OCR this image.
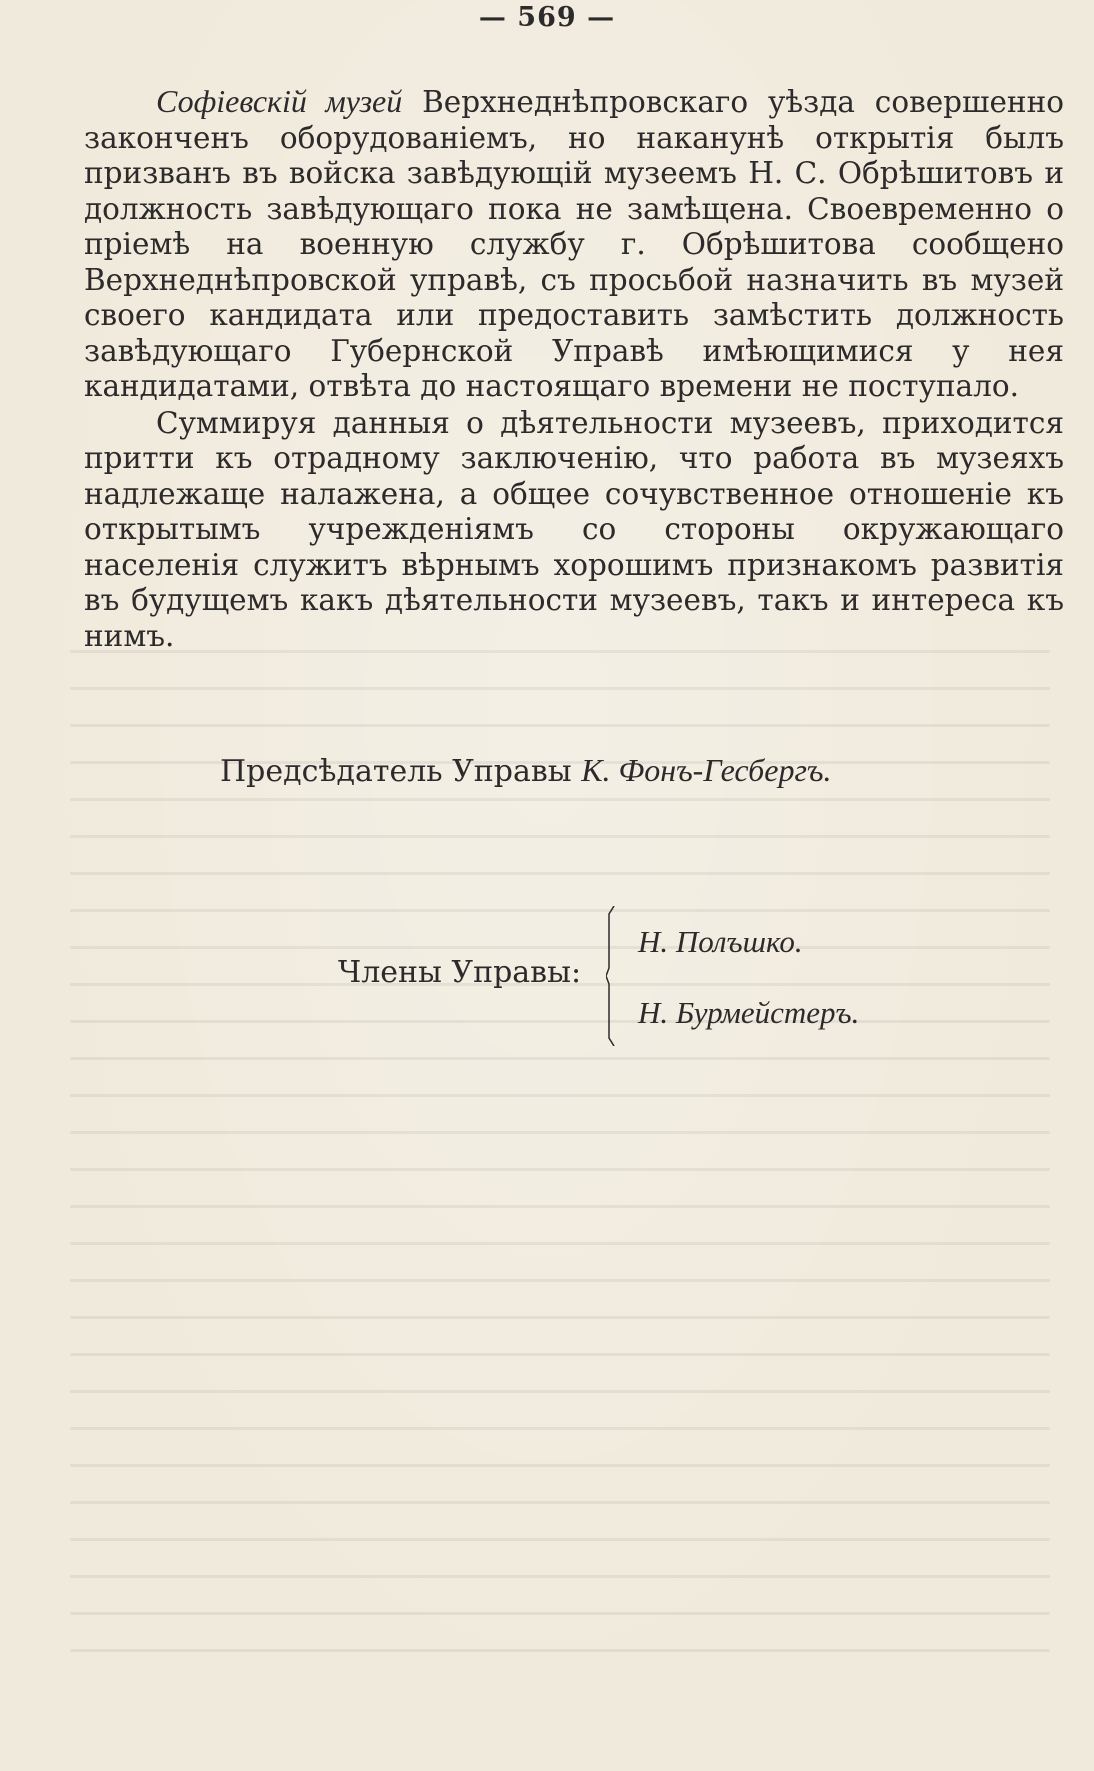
— 569 —

Софіевскій музей Верхнеднѣпровскаго уѣзда совершенно законченъ оборудованіемъ, но наканунѣ открытія былъ призванъ въ войска завѣдующій музеемъ Н. С. Обрѣшитовъ и должность завѣдующаго пока не замѣщена. Своевременно о пріемѣ на военную службу г. Обрѣшитова сообщено Верхнеднѣпровской управѣ, съ просьбой назначить въ музей своего кандидата или предоставить замѣстить должность завѣдующаго Губернской Управѣ имѣющимися у нея кандидатами, отвѣта до настоящаго времени не поступало.

Суммируя данныя о дѣятельности музеевъ, приходится притти къ отрадному заключенію, что работа въ музеяхъ надлежаще налажена, а общее сочувственное отношеніе къ открытымъ учрежденіямъ со стороны окружающаго населенія служитъ вѣрнымъ хорошимъ признакомъ развитія въ будущемъ какъ дѣятельности музеевъ, такъ и интереса къ нимъ.

Предсѣдатель Управы К. Фонъ-Гесбергъ.
Члены Управы:
Н. Полъшко.
Н. Бурмейстеръ.
